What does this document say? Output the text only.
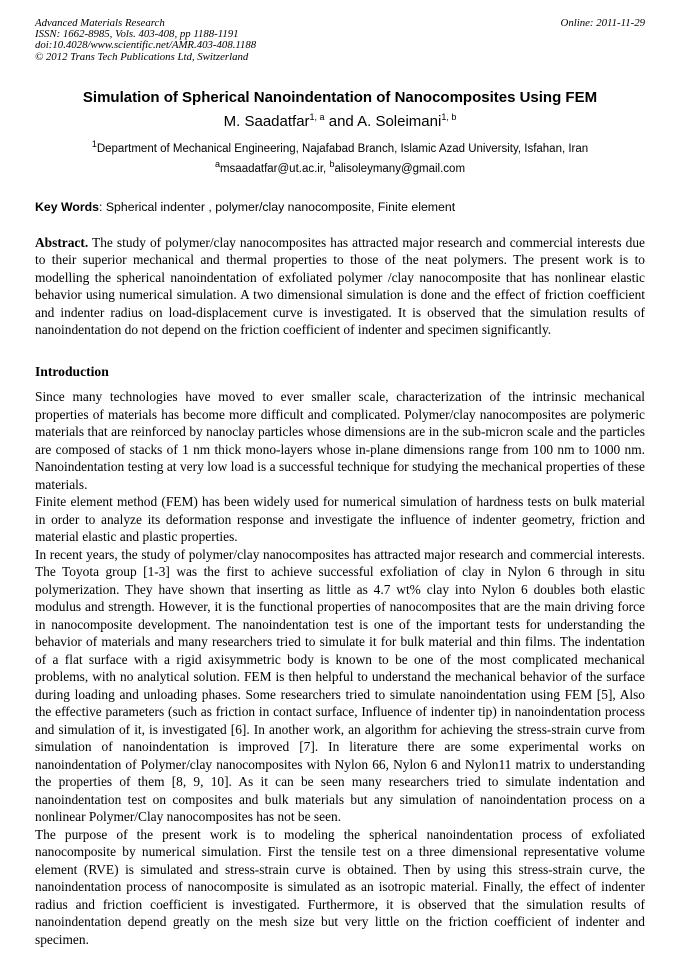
Advanced Materials Research	Online: 2011-11-29
ISSN: 1662-8985, Vols. 403-408, pp 1188-1191
doi:10.4028/www.scientific.net/AMR.403-408.1188
© 2012 Trans Tech Publications Ltd, Switzerland
Simulation of Spherical Nanoindentation of Nanocomposites Using FEM
M. Saadatfar$^{1, a}$ and A. Soleimani$^{1, b}$
$^1$Department of Mechanical Engineering, Najafabad Branch, Islamic Azad University, Isfahan, Iran
$^a$msaadatfar@ut.ac.ir, $^b$alisoleymany@gmail.com
Key Words: Spherical indenter , polymer/clay nanocomposite, Finite element
Abstract. The study of polymer/clay nanocomposites has attracted major research and commercial interests due to their superior mechanical and thermal properties to those of the neat polymers. The present work is to modelling the spherical nanoindentation of exfoliated polymer /clay nanocomposite that has nonlinear elastic behavior using numerical simulation. A two dimensional simulation is done and the effect of friction coefficient and indenter radius on load-displacement curve is investigated. It is observed that the simulation results of nanoindentation do not depend on the friction coefficient of indenter and specimen significantly.
Introduction

Since many technologies have moved to ever smaller scale, characterization of the intrinsic mechanical properties of materials has become more difficult and complicated. Polymer/clay nanocomposites are polymeric materials that are reinforced by nanoclay particles whose dimensions are in the sub-micron scale and the particles are composed of stacks of 1 nm thick mono-layers whose in-plane dimensions range from 100 nm to 1000 nm. Nanoindentation testing at very low load is a successful technique for studying the mechanical properties of these materials.

Finite element method (FEM) has been widely used for numerical simulation of hardness tests on bulk material in order to analyze its deformation response and investigate the influence of indenter geometry, friction and material elastic and plastic properties.

In recent years, the study of polymer/clay nanocomposites has attracted major research and commercial interests. The Toyota group [1-3] was the first to achieve successful exfoliation of clay in Nylon 6 through in situ polymerization. They have shown that inserting as little as 4.7 wt% clay into Nylon 6 doubles both elastic modulus and strength. However, it is the functional properties of nanocomposites that are the main driving force in nanocomposite development. The nanoindentation test is one of the important tests for understanding the behavior of materials and many researchers tried to simulate it for bulk material and thin films. The indentation of a flat surface with a rigid axisymmetric body is known to be one of the most complicated mechanical problems, with no analytical solution. FEM is then helpful to understand the mechanical behavior of the surface during loading and unloading phases. Some researchers tried to simulate nanoindentation using FEM [5], Also the effective parameters (such as friction in contact surface, Influence of indenter tip) in nanoindentation process and simulation of it, is investigated [6]. In another work, an algorithm for achieving the stress-strain curve from simulation of nanoindentation is improved [7]. In literature there are some experimental works on nanoindentation of Polymer/clay nanocomposites with Nylon 66, Nylon 6 and Nylon11 matrix to understanding the properties of them [8, 9, 10]. As it can be seen many researchers tried to simulate indentation and nanoindentation test on composites and bulk materials but any simulation of nanoindentation process on a nonlinear Polymer/Clay nanocomposites has not be seen.

The purpose of the present work is to modeling the spherical nanoindentation process of exfoliated nanocomposite by numerical simulation. First the tensile test on a three dimensional representative volume element (RVE) is simulated and stress-strain curve is obtained. Then by using this stress-strain curve, the nanoindentation process of nanocomposite is simulated as an isotropic material. Finally, the effect of indenter radius and friction coefficient is investigated. Furthermore, it is observed that the simulation results of nanoindentation depend greatly on the mesh size but very little on the friction coefficient of indenter and specimen.
